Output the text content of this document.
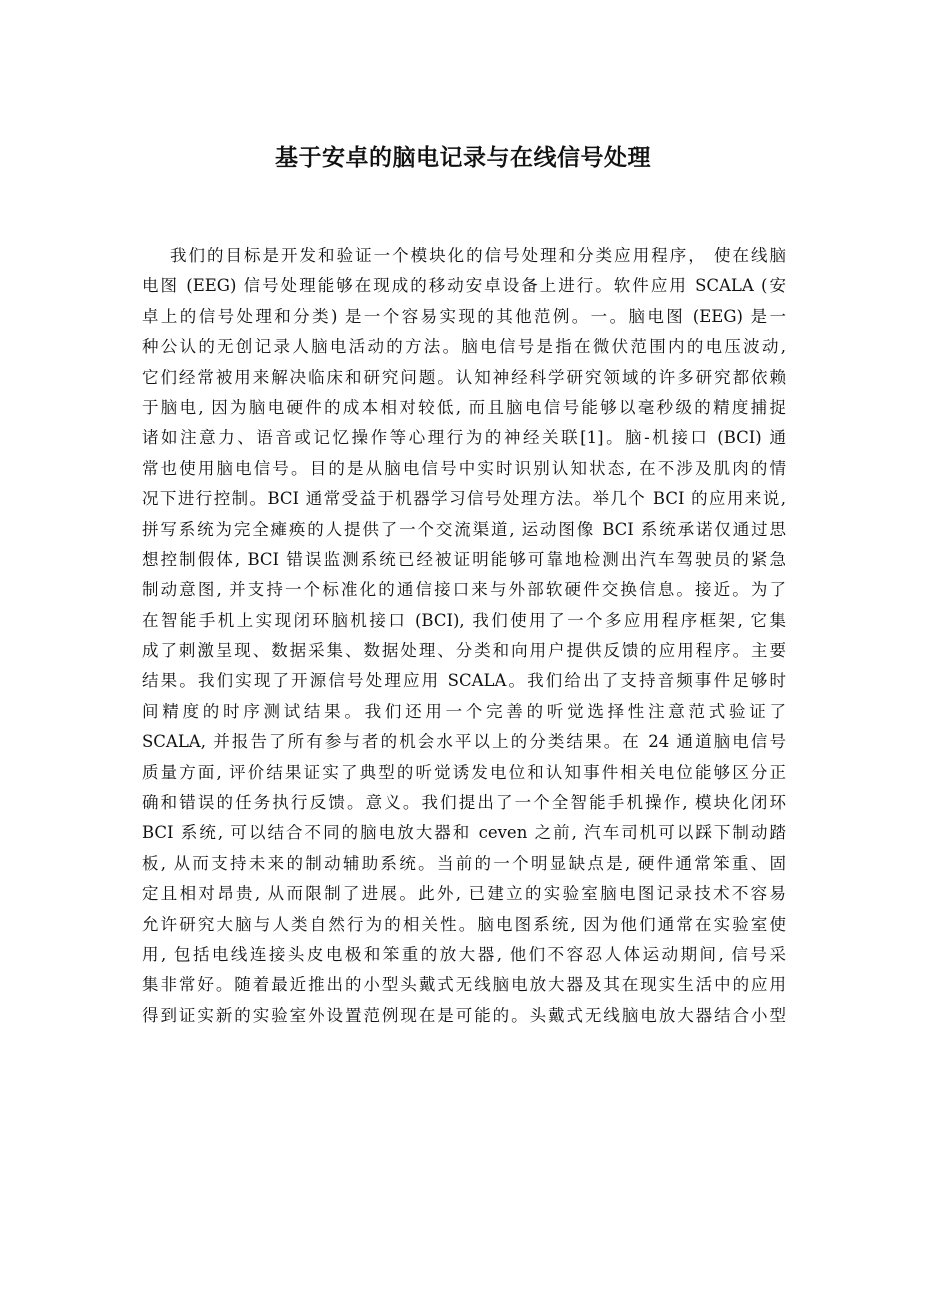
基于安卓的脑电记录与在线信号处理
我们的目标是开发和验证一个模块化的信号处理和分类应用程序， 使在线脑
电图 (EEG) 信号处理能够在现成的移动安卓设备上进行。软件应用 SCALA (安
卓上的信号处理和分类) 是一个容易实现的其他范例。一。脑电图 (EEG) 是一
种公认的无创记录人脑电活动的方法。脑电信号是指在微伏范围内的电压波动,
它们经常被用来解决临床和研究问题。认知神经科学研究领域的许多研究都依赖
于脑电, 因为脑电硬件的成本相对较低, 而且脑电信号能够以毫秒级的精度捕捉
诸如注意力、语音或记忆操作等心理行为的神经关联[1]。脑-机接口 (BCI) 通
常也使用脑电信号。目的是从脑电信号中实时识别认知状态, 在不涉及肌肉的情
况下进行控制。BCI 通常受益于机器学习信号处理方法。举几个 BCI 的应用来说,
拼写系统为完全瘫痪的人提供了一个交流渠道, 运动图像 BCI 系统承诺仅通过思
想控制假体, BCI 错误监测系统已经被证明能够可靠地检测出汽车驾驶员的紧急
制动意图, 并支持一个标准化的通信接口来与外部软硬件交换信息。接近。为了
在智能手机上实现闭环脑机接口 (BCI), 我们使用了一个多应用程序框架, 它集
成了刺激呈现、数据采集、数据处理、分类和向用户提供反馈的应用程序。主要
结果。我们实现了开源信号处理应用 SCALA。我们给出了支持音频事件足够时
间精度的时序测试结果。我们还用一个完善的听觉选择性注意范式验证了
SCALA, 并报告了所有参与者的机会水平以上的分类结果。在 24 通道脑电信号
质量方面, 评价结果证实了典型的听觉诱发电位和认知事件相关电位能够区分正
确和错误的任务执行反馈。意义。我们提出了一个全智能手机操作, 模块化闭环
BCI 系统, 可以结合不同的脑电放大器和 ceven 之前, 汽车司机可以踩下制动踏
板, 从而支持未来的制动辅助系统。当前的一个明显缺点是, 硬件通常笨重、固
定且相对昂贵, 从而限制了进展。此外, 已建立的实验室脑电图记录技术不容易
允许研究大脑与人类自然行为的相关性。脑电图系统, 因为他们通常在实验室使
用, 包括电线连接头皮电极和笨重的放大器, 他们不容忍人体运动期间, 信号采
集非常好。随着最近推出的小型头戴式无线脑电放大器及其在现实生活中的应用
得到证实新的实验室外设置范例现在是可能的。头戴式无线脑电放大器结合小型
